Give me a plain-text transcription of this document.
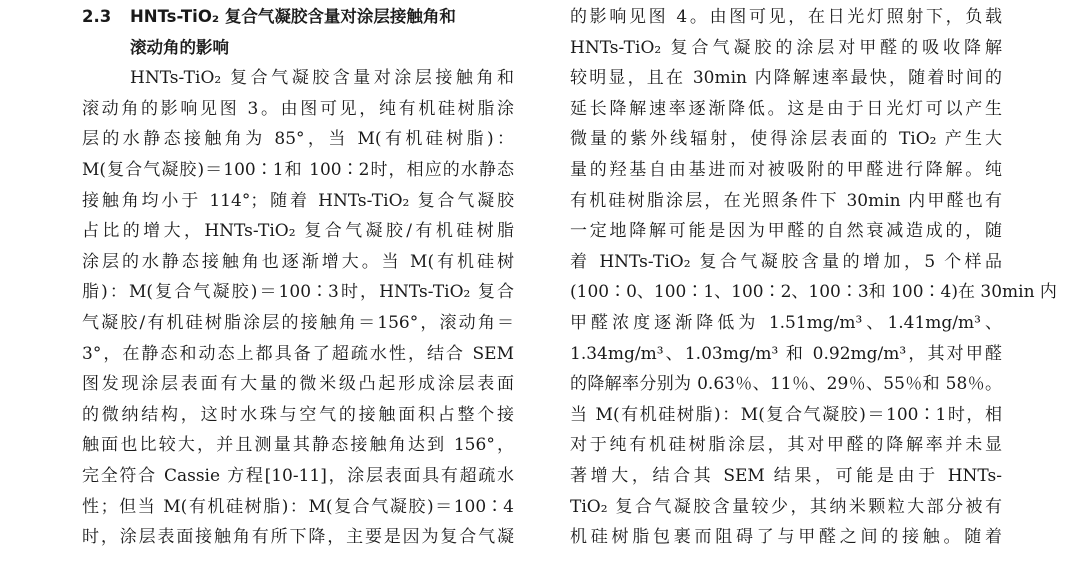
2.3 HNTs-TiO₂ 复合气凝胶含量对涂层接触角和
滚动角的影响
HNTs-TiO₂ 复合气凝胶含量对涂层接触角和
滚动角的影响见图 3。由图可见，纯有机硅树脂涂
层的水静态接触角为 85°，当 M(有机硅树脂)：
M(复合气凝胶)＝100∶1和 100∶2时，相应的水静态
接触角均小于 114°；随着 HNTs-TiO₂ 复合气凝胶
占比的增大，HNTs-TiO₂ 复合气凝胶/有机硅树脂
涂层的水静态接触角也逐渐增大。当 M(有机硅树
脂)：M(复合气凝胶)＝100∶3时，HNTs-TiO₂ 复合
气凝胶/有机硅树脂涂层的接触角＝156°，滚动角＝
3°，在静态和动态上都具备了超疏水性，结合 SEM
图发现涂层表面有大量的微米级凸起形成涂层表面
的微纳结构，这时水珠与空气的接触面积占整个接
触面也比较大，并且测量其静态接触角达到 156°，
完全符合 Cassie 方程[10-11]，涂层表面具有超疏水
性；但当 M(有机硅树脂)：M(复合气凝胶)＝100∶4
时，涂层表面接触角有所下降，主要是因为复合气凝
的影响见图 4。由图可见，在日光灯照射下，负载
HNTs-TiO₂ 复合气凝胶的涂层对甲醛的吸收降解
较明显，且在 30min 内降解速率最快，随着时间的
延长降解速率逐渐降低。这是由于日光灯可以产生
微量的紫外线辐射，使得涂层表面的 TiO₂ 产生大
量的羟基自由基进而对被吸附的甲醛进行降解。纯
有机硅树脂涂层，在光照条件下 30min 内甲醛也有
一定地降解可能是因为甲醛的自然衰减造成的，随
着 HNTs-TiO₂ 复合气凝胶含量的增加，5 个样品
(100∶0、100∶1、100∶2、100∶3和 100∶4)在 30min 内
甲醛浓度逐渐降低为 1.51mg/m³、1.41mg/m³、
1.34mg/m³、1.03mg/m³ 和 0.92mg/m³，其对甲醛
的降解率分别为 0.63％、11％、29％、55％和 58％。
当 M(有机硅树脂)：M(复合气凝胶)＝100∶1时，相
对于纯有机硅树脂涂层，其对甲醛的降解率并未显
著增大，结合其 SEM 结果，可能是由于 HNTs-
TiO₂ 复合气凝胶含量较少，其纳米颗粒大部分被有
机硅树脂包裹而阻碍了与甲醛之间的接触。随着
